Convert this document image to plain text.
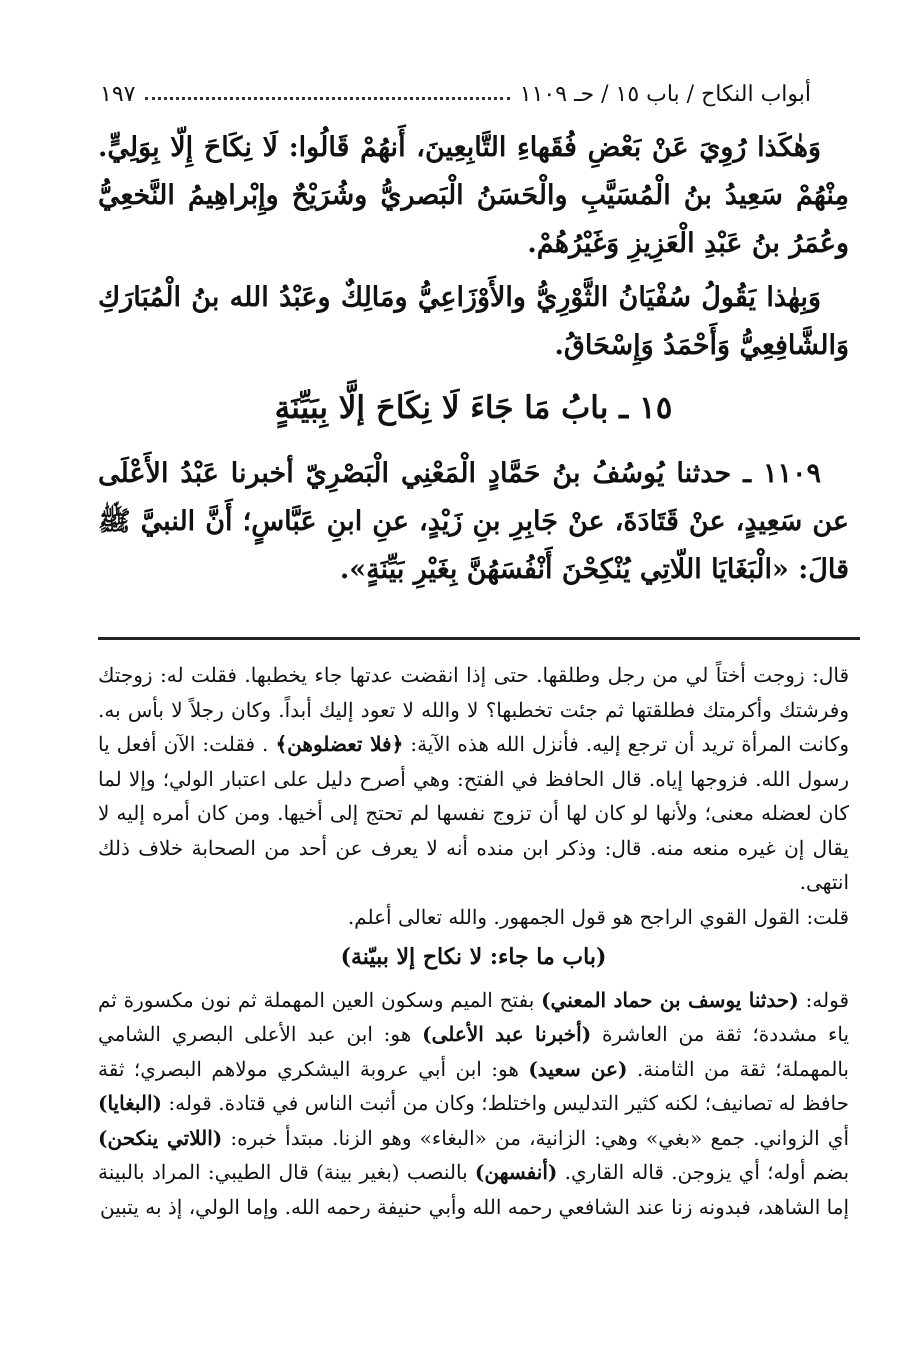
أبواب النكاح / باب ١٥ / حـ ١١٠٩
١٩٧

وَهٰكَذا رُوِيَ عَنْ بَعْضِ فُقَهاءِ التَّابِعِينَ، أَنهُمْ قَالُوا: لَا نِكَاحَ إِلّا بِوَلِيٍّ. مِنْهُمْ سَعِيدُ بنُ الْمُسَيَّبِ والْحَسَنُ الْبَصريُّ وشُرَيْحٌ وإِبْراهِيمُ النَّخعِيُّ وعُمَرُ بنُ عَبْدِ الْعَزِيزِ وَغَيْرُهُمْ.

وَبِهٰذا يَقُولُ سُفْيَانُ الثَّوْرِيُّ والأَوْزَاعِيُّ ومَالِكٌ وعَبْدُ الله بنُ الْمُبَارَكِ وَالشَّافِعِيُّ وَأَحْمَدُ وَإِسْحَاقُ.

١٥ ـ بابُ مَا جَاءَ لَا نِكَاحَ إلَّا بِبَيِّنَةٍ

١١٠٩ ـ حدثنا يُوسُفُ بنُ حَمَّادٍ الْمَعْنِي الْبَصْرِيّ أخبرنا عَبْدُ الأَعْلَى عن سَعِيدٍ، عنْ قَتَادَةَ، عنْ جَابِرِ بنِ زَيْدٍ، عنِ ابنِ عَبَّاسٍ؛ أَنَّ النبيَّ ﷺ قالَ: «الْبَغَايَا اللّاتِي يُنْكِحْنَ أَنْفُسَهُنَّ بِغَيْرِ بَيِّنَةٍ».

قال: زوجت أختاً لي من رجل وطلقها. حتى إذا انقضت عدتها جاء يخطبها. فقلت له: زوجتك وفرشتك وأكرمتك فطلقتها ثم جئت تخطبها؟ لا والله لا تعود إليك أبداً. وكان رجلاً لا بأس به. وكانت المرأة تريد أن ترجع إليه. فأنزل الله هذه الآية: ﴿فلا تعضلوهن﴾ . فقلت: الآن أفعل يا رسول الله. فزوجها إياه. قال الحافظ في الفتح: وهي أصرح دليل على اعتبار الولي؛ وإلا لما كان لعضله معنى؛ ولأنها لو كان لها أن تزوج نفسها لم تحتج إلى أخيها. ومن كان أمره إليه لا يقال إن غيره منعه منه. قال: وذكر ابن منده أنه لا يعرف عن أحد من الصحابة خلاف ذلك انتهى.

قلت: القول القوي الراجح هو قول الجمهور. والله تعالى أعلم.

(باب ما جاء: لا نكاح إلا ببيّنة)

قوله: (حدثنا يوسف بن حماد المعني) بفتح الميم وسكون العين المهملة ثم نون مكسورة ثم ياء مشددة؛ ثقة من العاشرة (أخبرنا عبد الأعلى) هو: ابن عبد الأعلى البصري الشامي بالمهملة؛ ثقة من الثامنة. (عن سعيد) هو: ابن أبي عروبة اليشكري مولاهم البصري؛ ثقة حافظ له تصانيف؛ لكنه كثير التدليس واختلط؛ وكان من أثبت الناس في قتادة. قوله: (البغايا) أي الزواني. جمع «بغي» وهي: الزانية، من «البغاء» وهو الزنا. مبتدأ خبره: (اللاتي ينكحن) بضم أوله؛ أي يزوجن. قاله القاري. (أنفسهن) بالنصب (بغير بينة) قال الطيبي: المراد بالبينة إما الشاهد، فبدونه زنا عند الشافعي رحمه الله وأبي حنيفة رحمه الله. وإما الولي، إذ به يتبين
